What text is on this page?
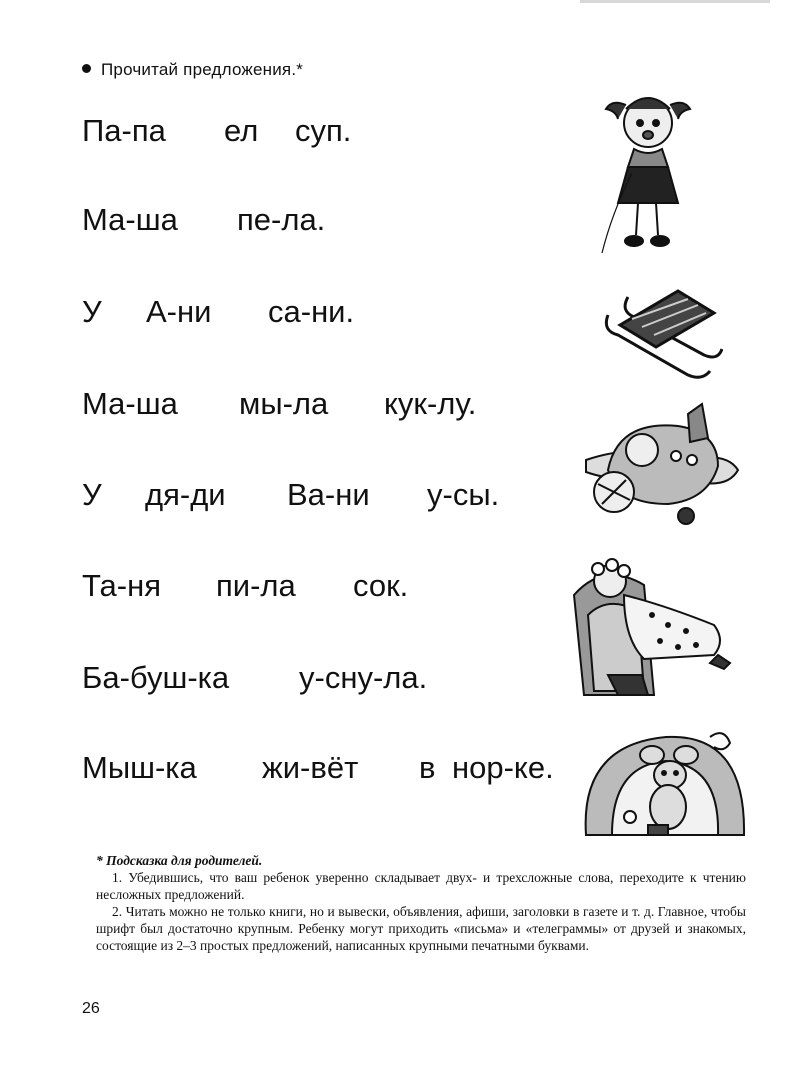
Прочитай предложения.*
Па-па ел суп.
Ма-ша пе-ла.
У А-ни са-ни.
Ма-ша мы-ла кук-лу.
У дя-ди Ва-ни у-сы.
Та-ня пи-ла сок.
Ба-буш-ка у-сну-ла.
Мыш-ка жи-вёт в нор-ке.
* Подсказка для родителей.

1. Убедившись, что ваш ребенок уверенно складывает двух- и трехсложные слова, переходите к чтению несложных предложений.

2. Читать можно не только книги, но и вывески, объявления, афиши, заголовки в газете и т. д. Главное, чтобы шрифт был достаточно крупным. Ребенку могут приходить «письма» и «телеграммы» от друзей и знакомых, состоящие из 2–3 простых предложений, написанных крупными печатными буквами.

26
